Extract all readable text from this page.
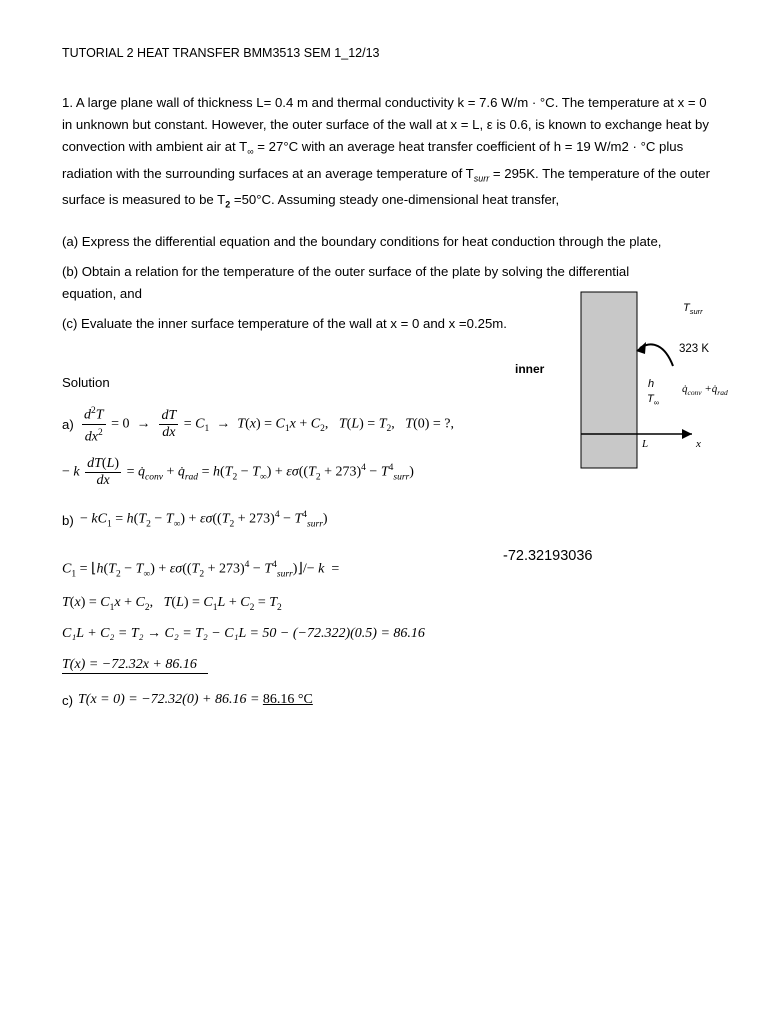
TUTORIAL 2 HEAT TRANSFER BMM3513 SEM 1_12/13
1. A large plane wall of thickness L= 0.4 m and thermal conductivity k = 7.6 W/m · °C. The temperature at x = 0 in unknown but constant. However, the outer surface of the wall at x = L, ε is 0.6, is known to exchange heat by convection with ambient air at $T_\infty = 27^\circ C$ with an average heat transfer coefficient of h = 19 W/m2 · °C plus radiation with the surrounding surfaces at an average temperature of $T_{surr} = 295K$. The temperature of the outer surface is measured to be $T_2 =50^\circ C$. Assuming steady one-dimensional heat transfer,
(a) Express the differential equation and the boundary conditions for heat conduction through the plate,
(b) Obtain a relation for the temperature of the outer surface of the plate by solving the differential equation, and
(c) Evaluate the inner surface temperature of the wall at x = 0 and x =0.25m.
$T_{surr}$
323 K
inner
h
$T_\infty$
$q̇_{conv}$ $+q̇_{rad}$
L	x
Solution
$a) \frac{d^2T}{dx^2} = 0 \to \frac{dT}{dx} = C_1 \to T(x) = C_1x + C_2$,   $T(L) = T_2$,   T(0) = ?,
− k $\frac{dT(L)}{dx}$ = $q̇_{conv}$ + $q̇_{rad} = h(T_2 - T_\infty) + \varepsilon\sigma((T_2 + 273)^4 - T^4_{surr})$
$b) - kC_1 = h(T_2 - T_\infty) + \varepsilon\sigma((T_2 + 273)^4 - T^4_{surr})$
-72.32193036
$C_1$ = $⌊h(T_2 - T_\infty) + \varepsilon\sigma((T_2 + 273)^4$ − $T^4_{surr})⌋/- k$  =
$T(x) = C_1x + C_2$,   $T(L) = C_1L + C_2 = T_2$
C₁L + C₂ = T₂ → C₂ = T₂ − C₁L = 50 − (−72.322)(0.5) = 86.16
T(x) = −72.32x + 86.16
c) T(x = 0) = −72.32(0) + 86.16 = 86.16 °C
